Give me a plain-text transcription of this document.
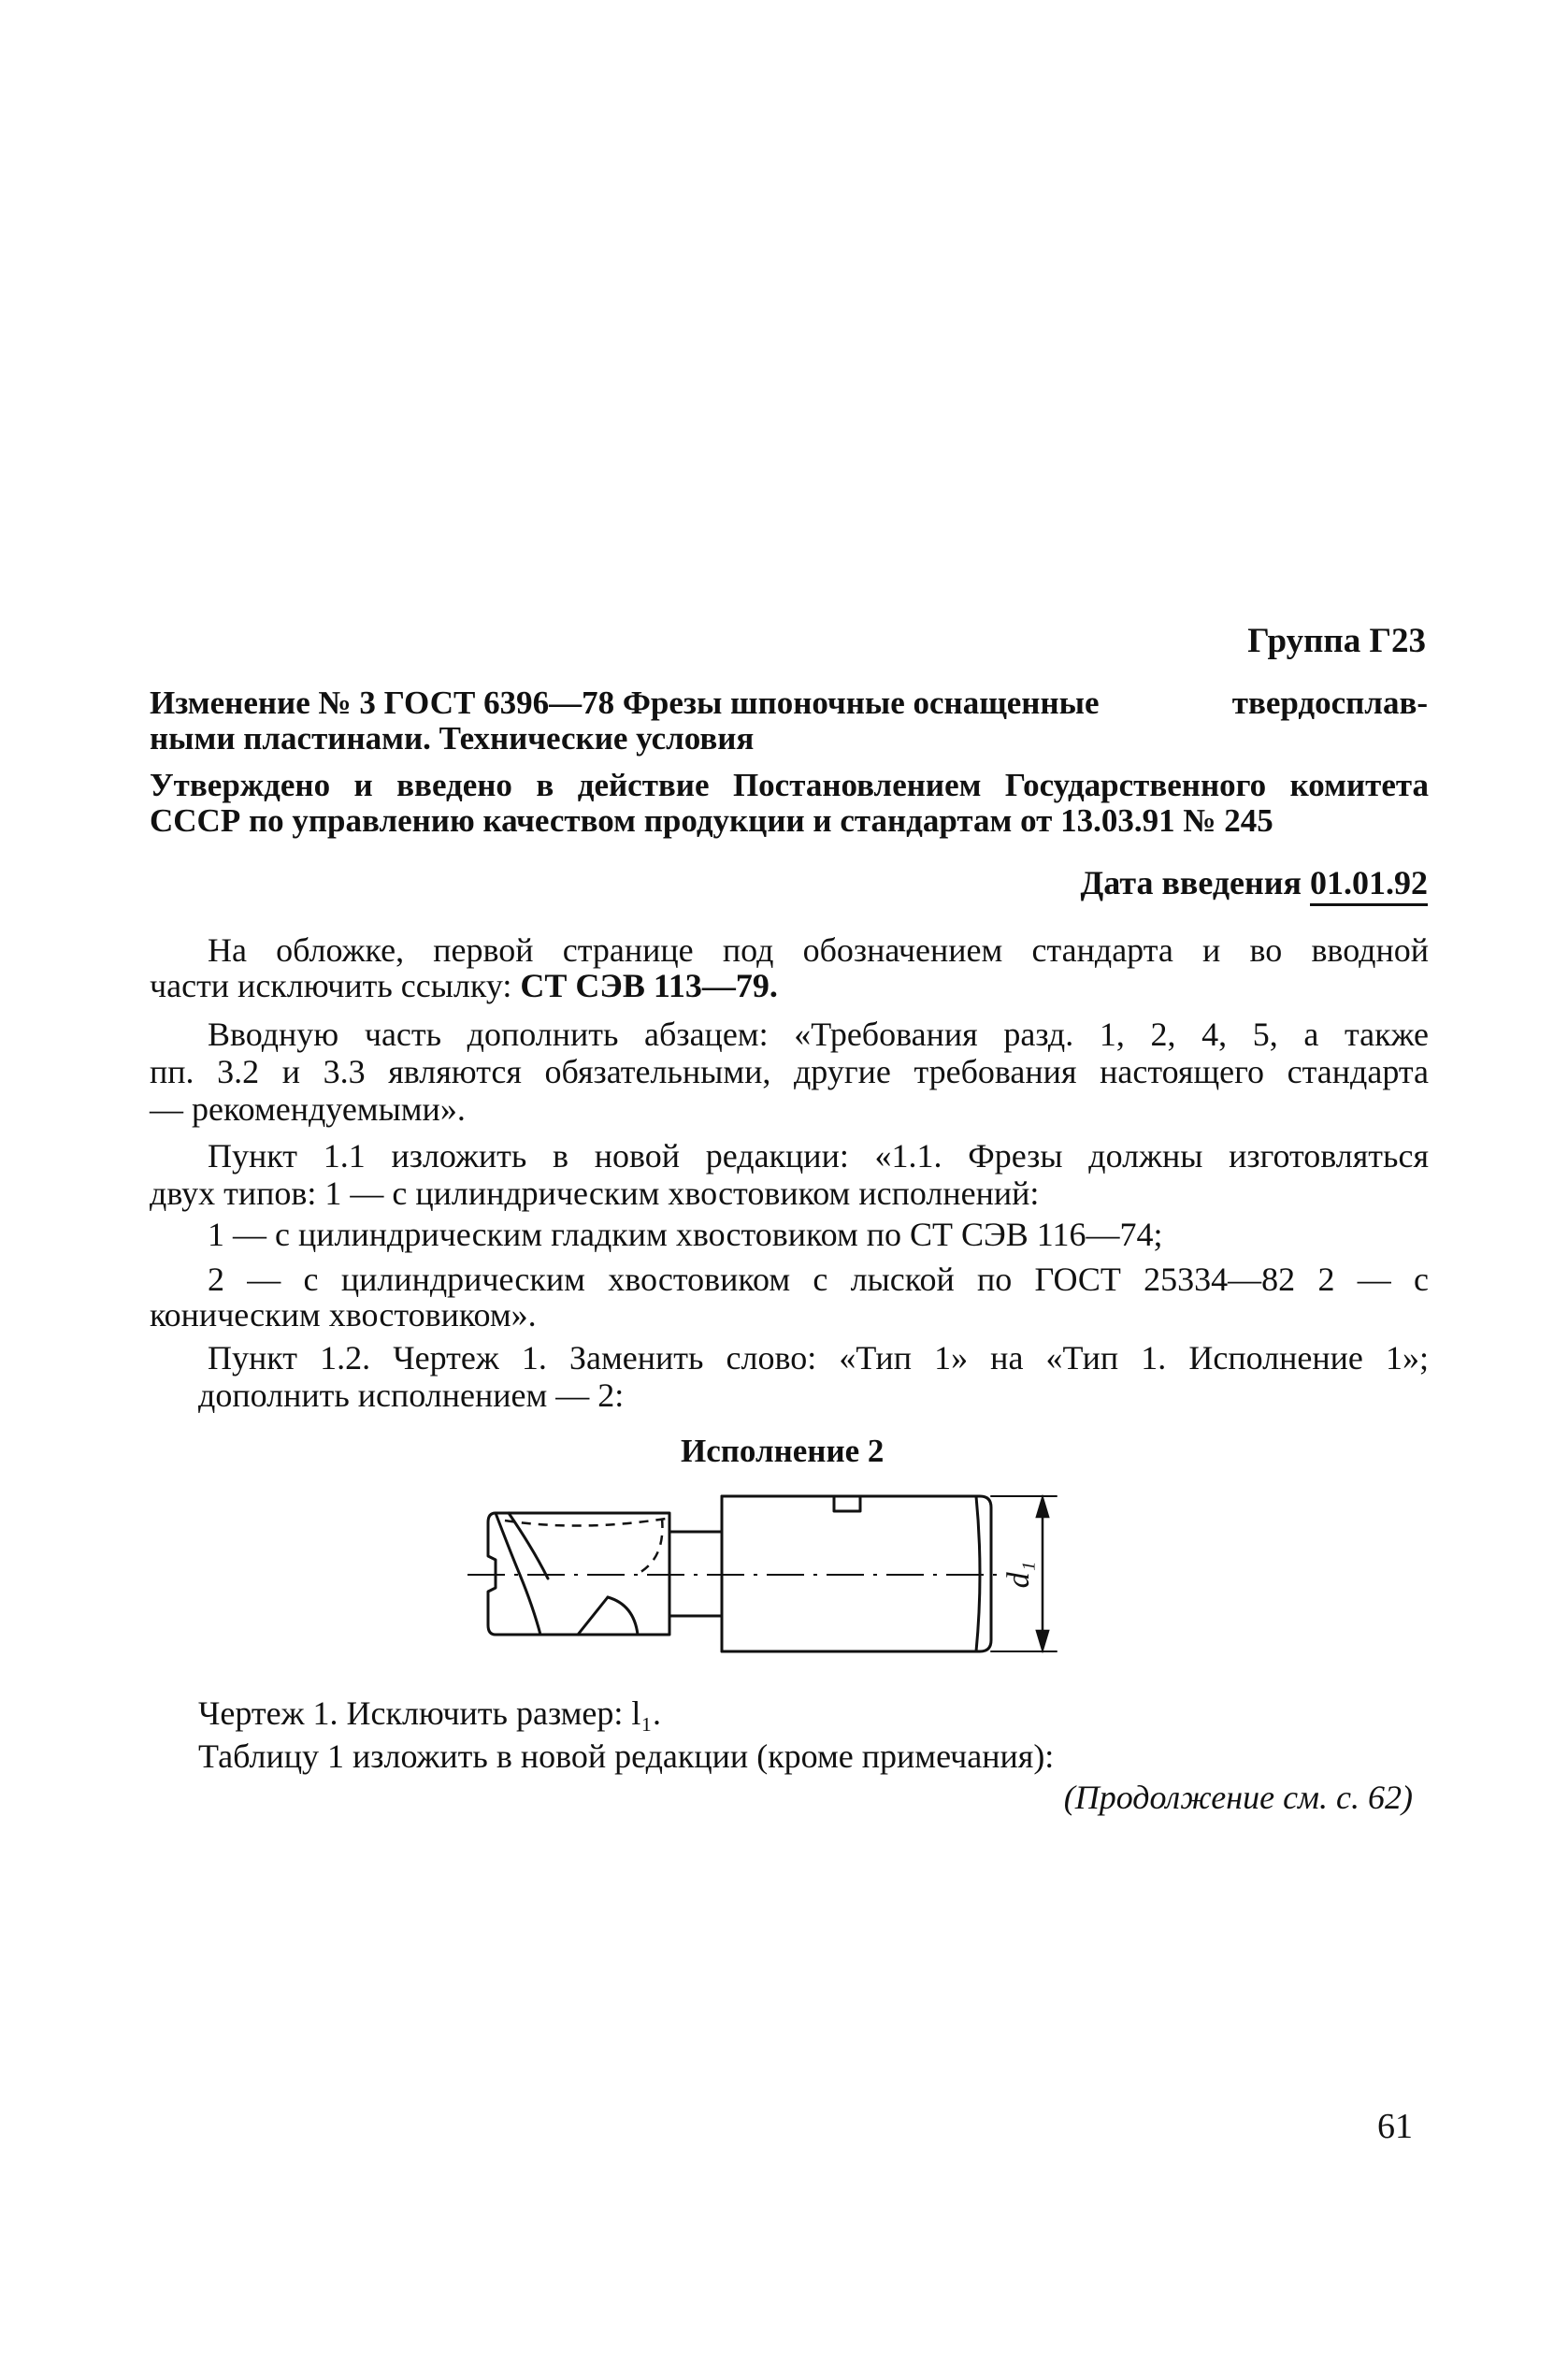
Группа Г23
Изменение № 3 ГОСТ 6396—78 Фрезы шпоночные оснащенные	твердосплав-
ными пластинами. Технические условия
Утверждено и введено в действие Постановлением Государственного комитета
СССР по управлению качеством продукции и стандартам от 13.03.91 № 245
Дата введения 01.01.92
На обложке, первой странице под обозначением стандарта и во вводной
части исключить ссылку: СТ СЭВ 113—79.
Вводную часть дополнить абзацем: «Требования разд. 1, 2, 4, 5, а также
пп. 3.2 и 3.3 являются обязательными, другие требования настоящего стандарта
— рекомендуемыми».
Пункт 1.1 изложить в новой редакции: «1.1. Фрезы должны изготовляться
двух типов: 1 — с цилиндрическим хвостовиком исполнений:
1 — с цилиндрическим гладким хвостовиком по СТ СЭВ 116—74;
2 — с цилиндрическим хвостовиком с лыской по ГОСТ 25334—82 2 — с
коническим хвостовиком».
Пункт 1.2. Чертеж 1. Заменить слово: «Тип 1» на «Тип 1. Исполнение 1»;
дополнить исполнением — 2:
Исполнение 2
d₁
Чертеж 1. Исключить размер: l₁.
Таблицу 1 изложить в новой редакции (кроме примечания):
(Продолжение см. с. 62)
61
